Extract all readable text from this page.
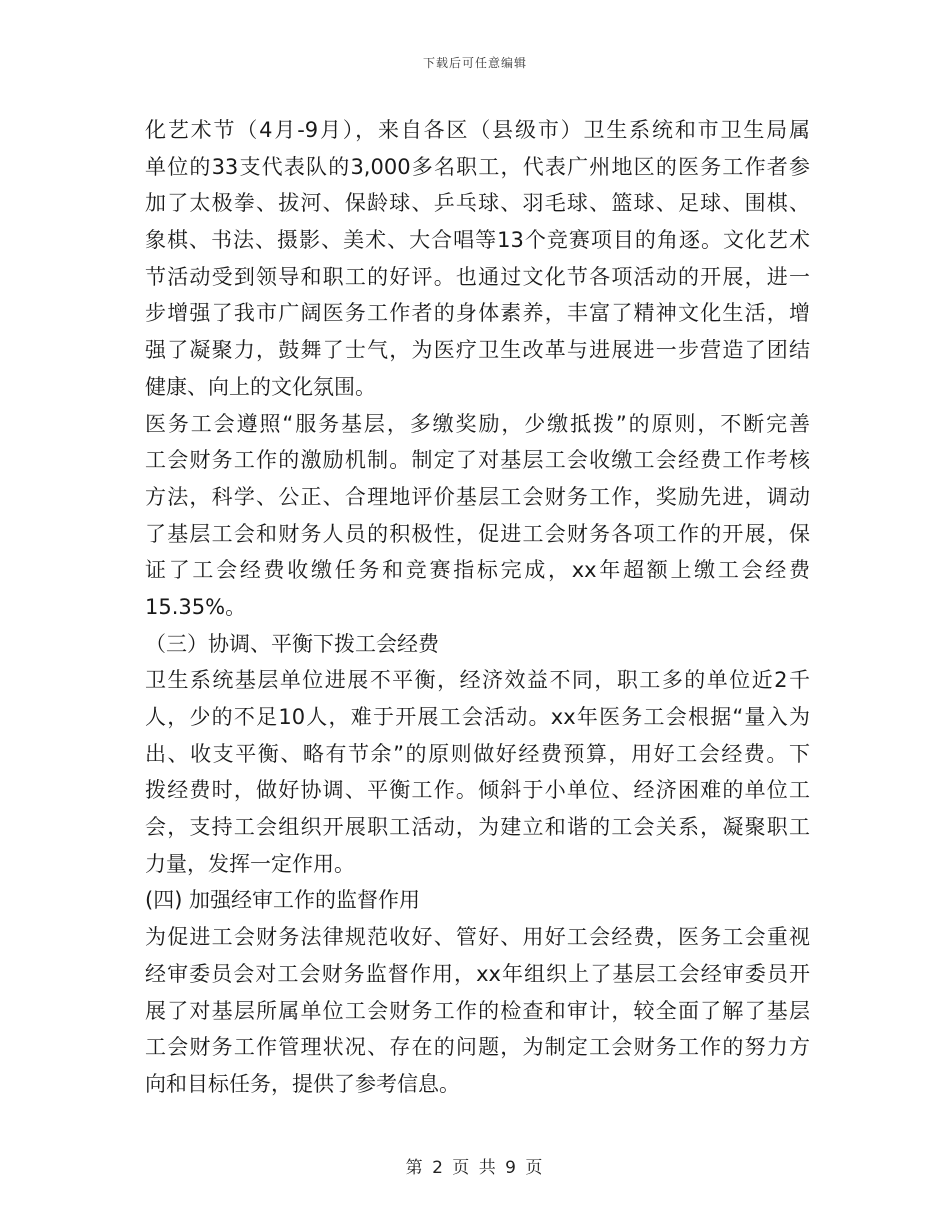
下载后可任意编辑
化艺术节（4月-9月），来自各区（县级市）卫生系统和市卫生局属
单位的33支代表队的3,000多名职工，代表广州地区的医务工作者参
加了太极拳、拔河、保龄球、乒乓球、羽毛球、篮球、足球、围棋、
象棋、书法、摄影、美术、大合唱等13个竞赛项目的角逐。文化艺术
节活动受到领导和职工的好评。也通过文化节各项活动的开展，进一
步增强了我市广阔医务工作者的身体素养，丰富了精神文化生活，增
强了凝聚力，鼓舞了士气，为医疗卫生改革与进展进一步营造了团结
健康、向上的文化氛围。
医务工会遵照“服务基层，多缴奖励，少缴抵拨”的原则，不断完善
工会财务工作的激励机制。制定了对基层工会收缴工会经费工作考核
方法，科学、公正、合理地评价基层工会财务工作，奖励先进，调动
了基层工会和财务人员的积极性，促进工会财务各项工作的开展，保
证了工会经费收缴任务和竞赛指标完成，xx年超额上缴工会经费
15.35%。
（三）协调、平衡下拨工会经费
卫生系统基层单位进展不平衡，经济效益不同，职工多的单位近2千
人，少的不足10人，难于开展工会活动。xx年医务工会根据“量入为
出、收支平衡、略有节余”的原则做好经费预算，用好工会经费。下
拨经费时，做好协调、平衡工作。倾斜于小单位、经济困难的单位工
会，支持工会组织开展职工活动，为建立和谐的工会关系，凝聚职工
力量，发挥一定作用。
(四) 加强经审工作的监督作用
为促进工会财务法律规范收好、管好、用好工会经费，医务工会重视
经审委员会对工会财务监督作用，xx年组织上了基层工会经审委员开
展了对基层所属单位工会财务工作的检查和审计，较全面了解了基层
工会财务工作管理状况、存在的问题，为制定工会财务工作的努力方
向和目标任务，提供了参考信息。
第 2 页 共 9 页
